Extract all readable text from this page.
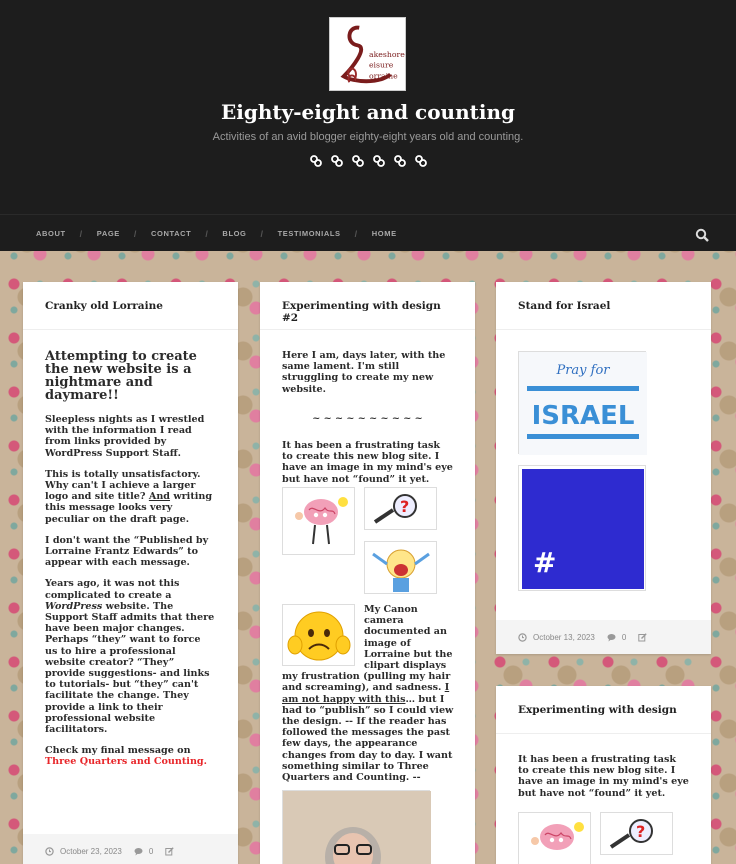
akeshore
eisure
orraine
Eighty-eight and counting
Activities of an avid blogger eighty-eight years old and counting.
ABOUT / PAGE / CONTACT / BLOG / TESTIMONIALS / HOME
Cranky old Lorraine
Attempting to create the new website is a nightmare and daymare!!
Sleepless nights as I wrestled with the information I read from links provided by WordPress Support Staff.
This is totally unsatisfactory. Why can't I achieve a larger logo and site title? And writing this message looks very peculiar on the draft page.
I don't want the “Published by Lorraine Frantz Edwards” to appear with each message.
Years ago, it was not this complicated to create a WordPress website. The Support Staff admits that there have been major changes. Perhaps “they” want to force us to hire a professional website creator? “They” provide suggestions- and links to tutorials- but “they” can't facilitate the change. They provide a link to their professional website facilitators.
Check my final message on Three Quarters and Counting.
October 23, 2023	0
Experimenting with design #2
Here I am, days later, with the same lament. I'm still struggling to create my new website.
~ ~ ~ ~ ~ ~ ~ ~ ~ ~
It has been a frustrating task to create this new blog site. I have an image in my mind's eye but have not “found” it yet.
?
My Canon camera documented an image of Lorraine but the clipart displays my frustration (pulling my hair and screaming), and sadness. I am not happy with this… but I had to “publish” so I could view the design. -- If the reader has followed the messages the past few days, the appearance changes from day to day. I want something similar to Three Quarters and Counting. --
Stand for Israel
Pray for
ISRAEL
#
October 13, 2023	0
Experimenting with design
It has been a frustrating task to create this new blog site. I have an image in my mind's eye but have not “found” it yet.
?
